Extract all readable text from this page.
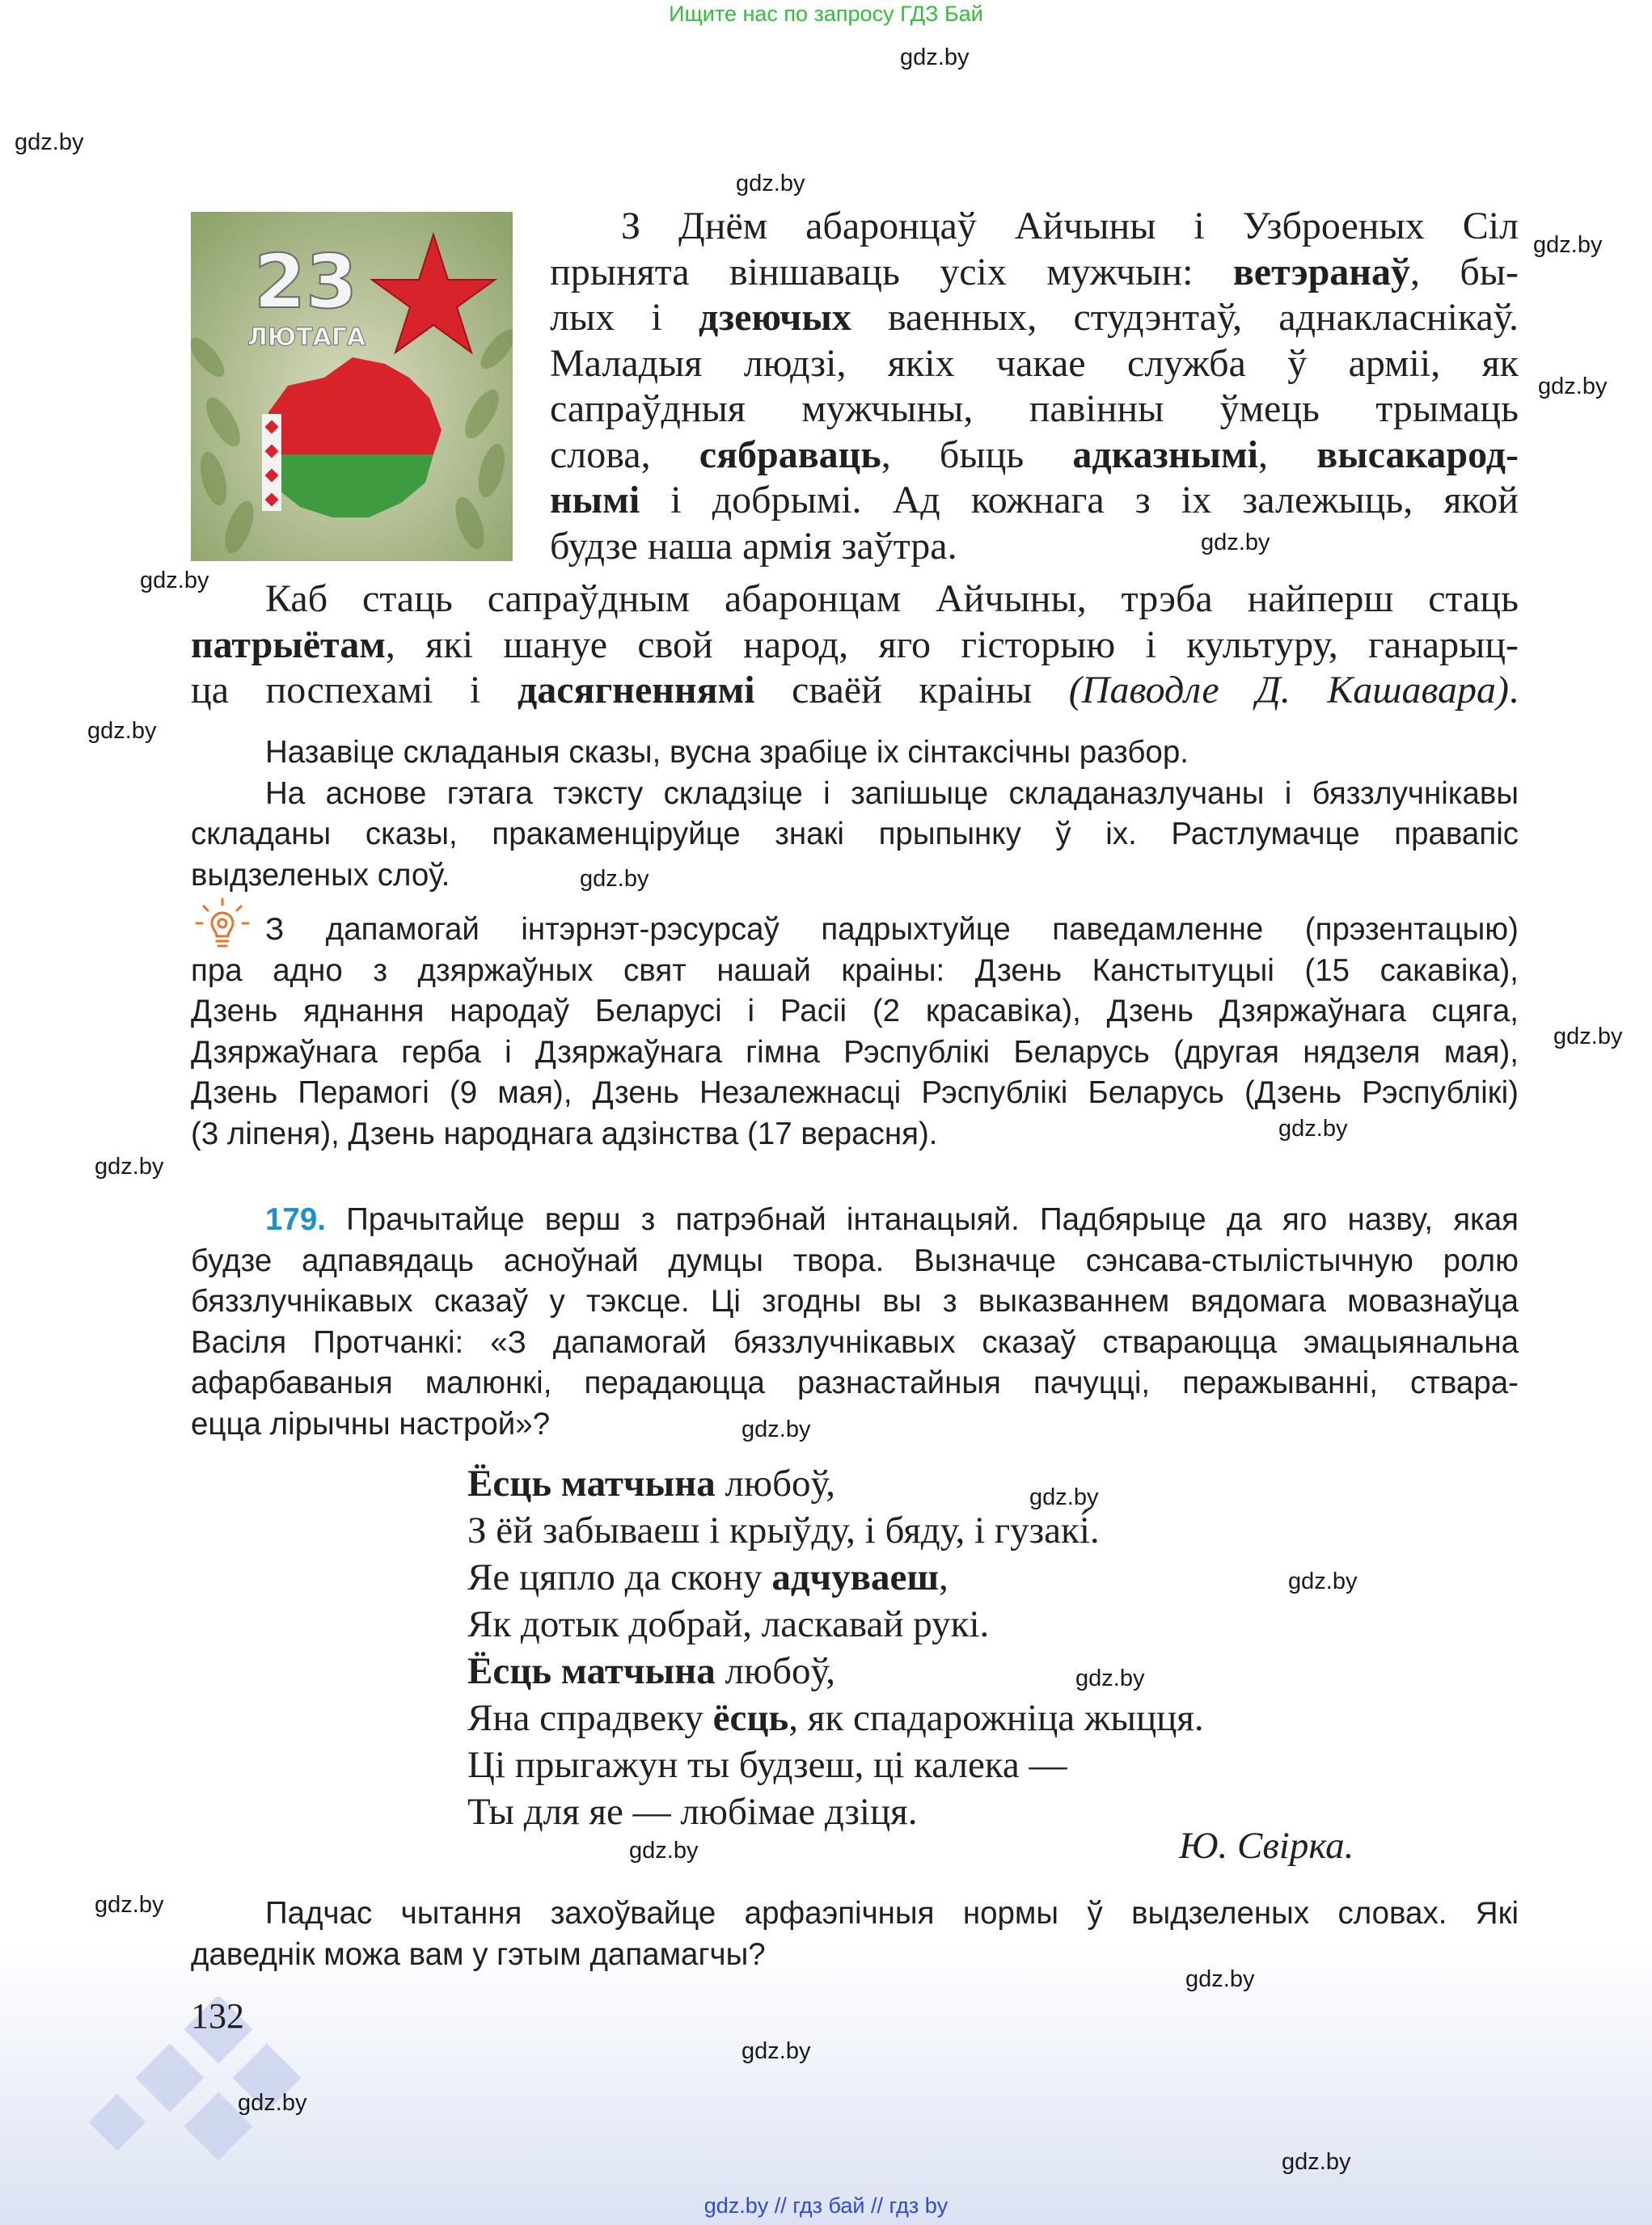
Ищите нас по запросу ГДЗ Бай
gdz.by
gdz.by
gdz.by
gdz.by
gdz.by
gdz.by
gdz.by
gdz.by
gdz.by
gdz.by
gdz.by
gdz.by
gdz.by
gdz.by
gdz.by
gdz.by
gdz.by
gdz.by
gdz.by
gdz.by
gdz.by
gdz.by
23
ЛЮТАГА
З Днём абаронцаў Айчыны і Узброеных Сіл
прынята віншаваць усіх мужчын: ветэранаў, бы-
лых і дзеючых ваенных, студэнтаў, аднакласнікаў.
Маладыя людзі, якіх чакае служба ў арміі, як
сапраўдныя мужчыны, павінны ўмець трымаць
слова, сябраваць, быць адказнымі, высакарод-
нымі і добрымі. Ад кожнага з іх залежыць, якой
будзе наша армія заўтра.
Каб стаць сапраўдным абаронцам Айчыны, трэба найперш стаць
патрыётам, які шануе свой народ, яго гісторыю і культуру, ганарыц-
ца поспехамі і дасягненнямі сваёй краіны (Паводле Д. Кашавара).
Назавіце складаныя сказы, вусна зрабіце іх сінтаксічны разбор.
На аснове гэтага тэксту складзіце і запішыце складаназлучаны і бяззлучнікавы
складаны сказы, пракаменціруйце знакі прыпынку ў іх. Растлумачце правапіс
выдзеленых слоў.
З дапамогай інтэрнэт-рэсурсаў падрыхтуйце паведамленне (прэзентацыю)
пра адно з дзяржаўных свят нашай краіны: Дзень Канстытуцыі (15 сакавіка),
Дзень яднання народаў Беларусі і Расіі (2 красавіка), Дзень Дзяржаўнага сцяга,
Дзяржаўнага герба і Дзяржаўнага гімна Рэспублікі Беларусь (другая нядзеля мая),
Дзень Перамогі (9 мая), Дзень Незалежнасці Рэспублікі Беларусь (Дзень Рэспублікі)
(3 ліпеня), Дзень народнага адзінства (17 верасня).
179. Прачытайце верш з патрэбнай інтанацыяй. Падбярыце да яго назву, якая
будзе адпавядаць асноўнай думцы твора. Вызначце сэнсава-стылістычную ролю
бяззлучнікавых сказаў у тэксце. Ці згодны вы з выказваннем вядомага мовазнаўца
Васіля Протчанкі: «З дапамогай бяззлучнікавых сказаў ствараюцца эмацыянальна
афарбаваныя малюнкі, перадаюцца разнастайныя пачуцці, перажыванні, ствара-
ецца лірычны настрой»?
Ёсць матчына любоў,
З ёй забываеш і крыўду, і бяду, і гузакі́.
Яе цяпло да скону адчуваеш,
Як дотык добрай, ласкавай рукі.
Ёсць матчына любоў,
Яна спрадвеку ёсць, як спадарожніца жыцця.
Ці прыгажун ты будзеш, ці калека —
Ты для яе — любімае дзіця.
Ю. Свірка.
Падчас чытання захоўвайце арфаэпічныя нормы ў выдзеленых словах. Які
даведнік можа вам у гэтым дапамагчы?
132
gdz.by // гдз бай // гдз by
